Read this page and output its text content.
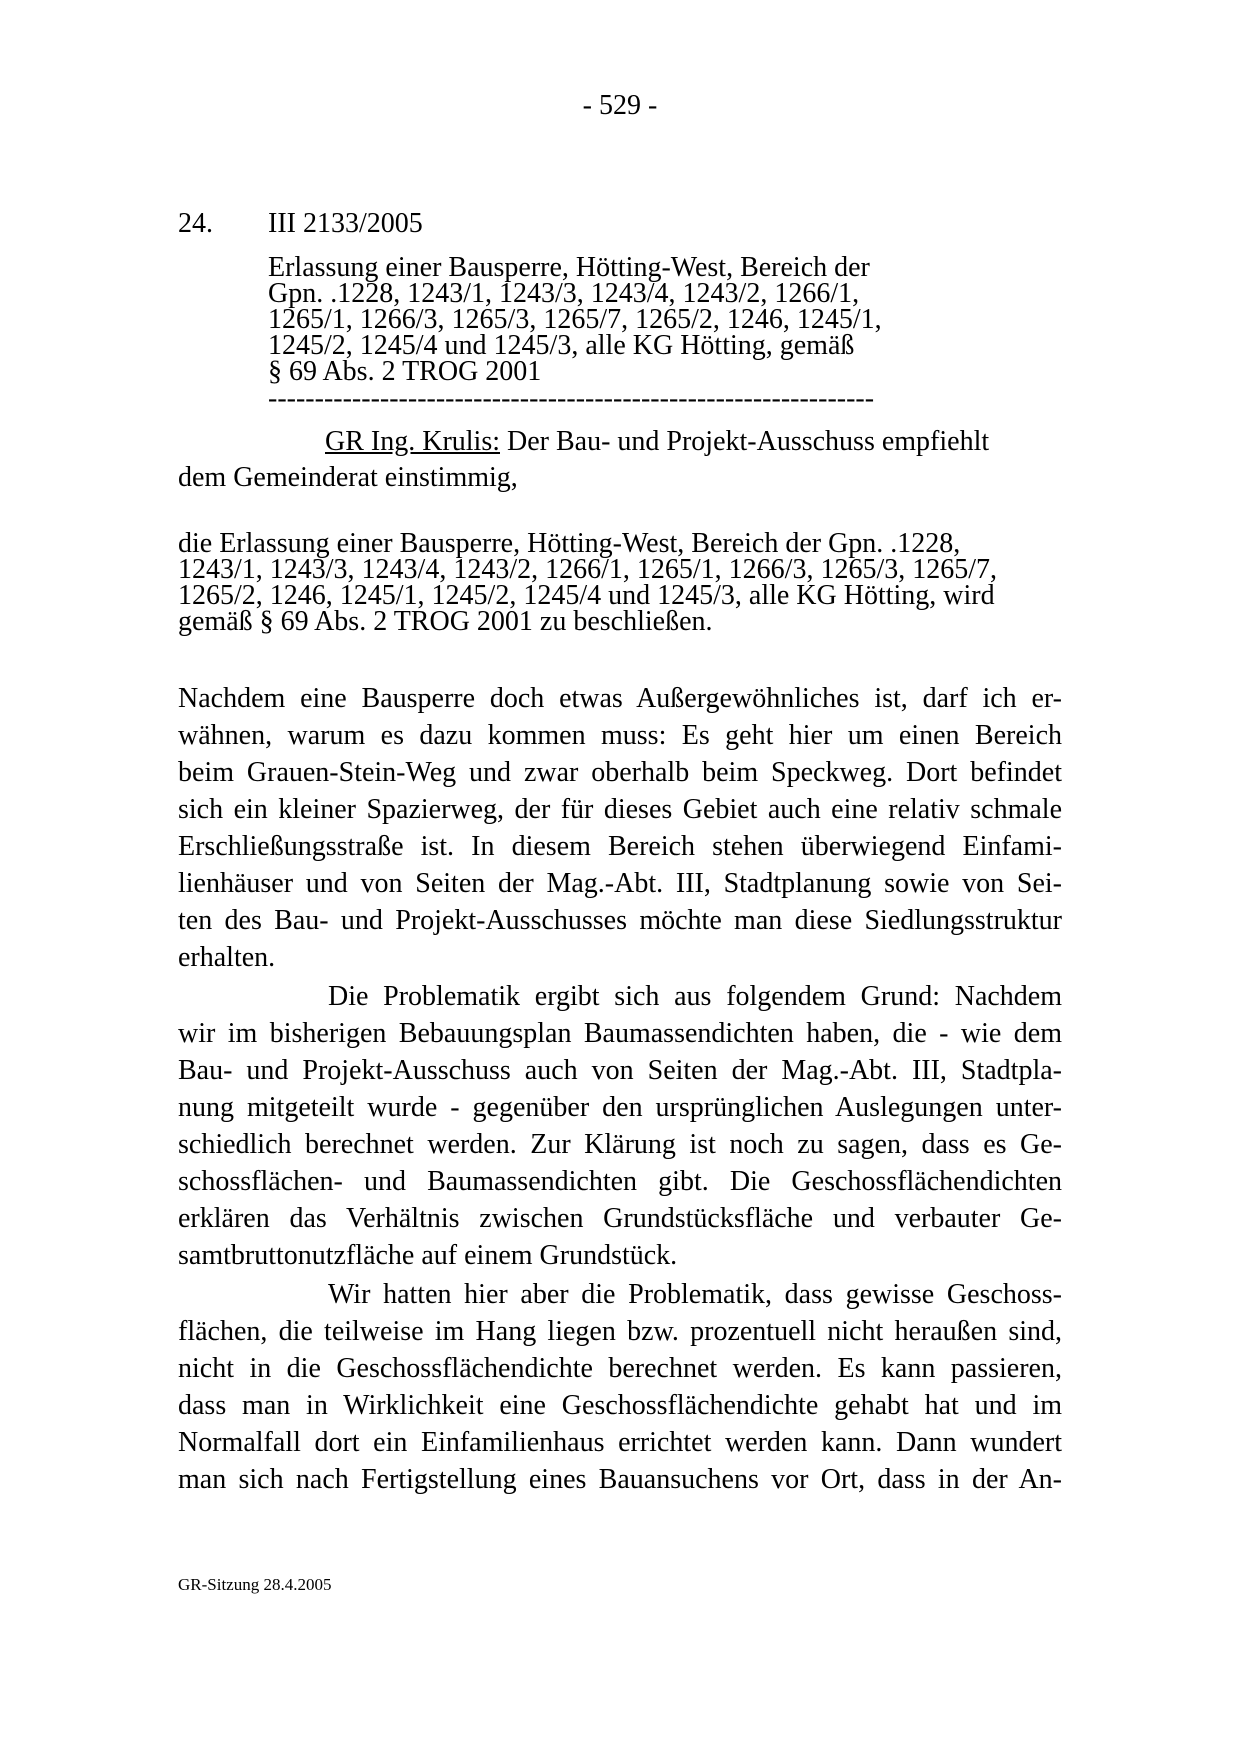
- 529 -
24. III 2133/2005
Erlassung einer Bausperre, Hötting-West, Bereich der
Gpn. .1228, 1243/1, 1243/3, 1243/4, 1243/2, 1266/1,
1265/1, 1266/3, 1265/3, 1265/7, 1265/2, 1246, 1245/1,
1245/2, 1245/4 und 1245/3, alle KG Hötting, gemäß
§ 69 Abs. 2 TROG 2001
-----------------------------------------------------------------
GR Ing. Krulis: Der Bau- und Projekt-Ausschuss empfiehlt
dem Gemeinderat einstimmig,
die Erlassung einer Bausperre, Hötting-West, Bereich der Gpn. .1228,
1243/1, 1243/3, 1243/4, 1243/2, 1266/1, 1265/1, 1266/3, 1265/3, 1265/7,
1265/2, 1246, 1245/1, 1245/2, 1245/4 und 1245/3, alle KG Hötting, wird
gemäß § 69 Abs. 2 TROG 2001 zu beschließen.
Nachdem eine Bausperre doch etwas Außergewöhnliches ist, darf ich er-
wähnen, warum es dazu kommen muss: Es geht hier um einen Bereich
beim Grauen-Stein-Weg und zwar oberhalb beim Speckweg. Dort befindet
sich ein kleiner Spazierweg, der für dieses Gebiet auch eine relativ schmale
Erschließungsstraße ist. In diesem Bereich stehen überwiegend Einfami-
lienhäuser und von Seiten der Mag.-Abt. III, Stadtplanung sowie von Sei-
ten des Bau- und Projekt-Ausschusses möchte man diese Siedlungsstruktur
erhalten.
Die Problematik ergibt sich aus folgendem Grund: Nachdem
wir im bisherigen Bebauungsplan Baumassendichten haben, die - wie dem
Bau- und Projekt-Ausschuss auch von Seiten der Mag.-Abt. III, Stadtpla-
nung mitgeteilt wurde - gegenüber den ursprünglichen Auslegungen unter-
schiedlich berechnet werden. Zur Klärung ist noch zu sagen, dass es Ge-
schossflächen- und Baumassendichten gibt. Die Geschossflächendichten
erklären das Verhältnis zwischen Grundstücksfläche und verbauter Ge-
samtbruttonutzfläche auf einem Grundstück.
Wir hatten hier aber die Problematik, dass gewisse Geschoss-
flächen, die teilweise im Hang liegen bzw. prozentuell nicht heraußen sind,
nicht in die Geschossflächendichte berechnet werden. Es kann passieren,
dass man in Wirklichkeit eine Geschossflächendichte gehabt hat und im
Normalfall dort ein Einfamilienhaus errichtet werden kann. Dann wundert
man sich nach Fertigstellung eines Bauansuchens vor Ort, dass in der An-
GR-Sitzung 28.4.2005
